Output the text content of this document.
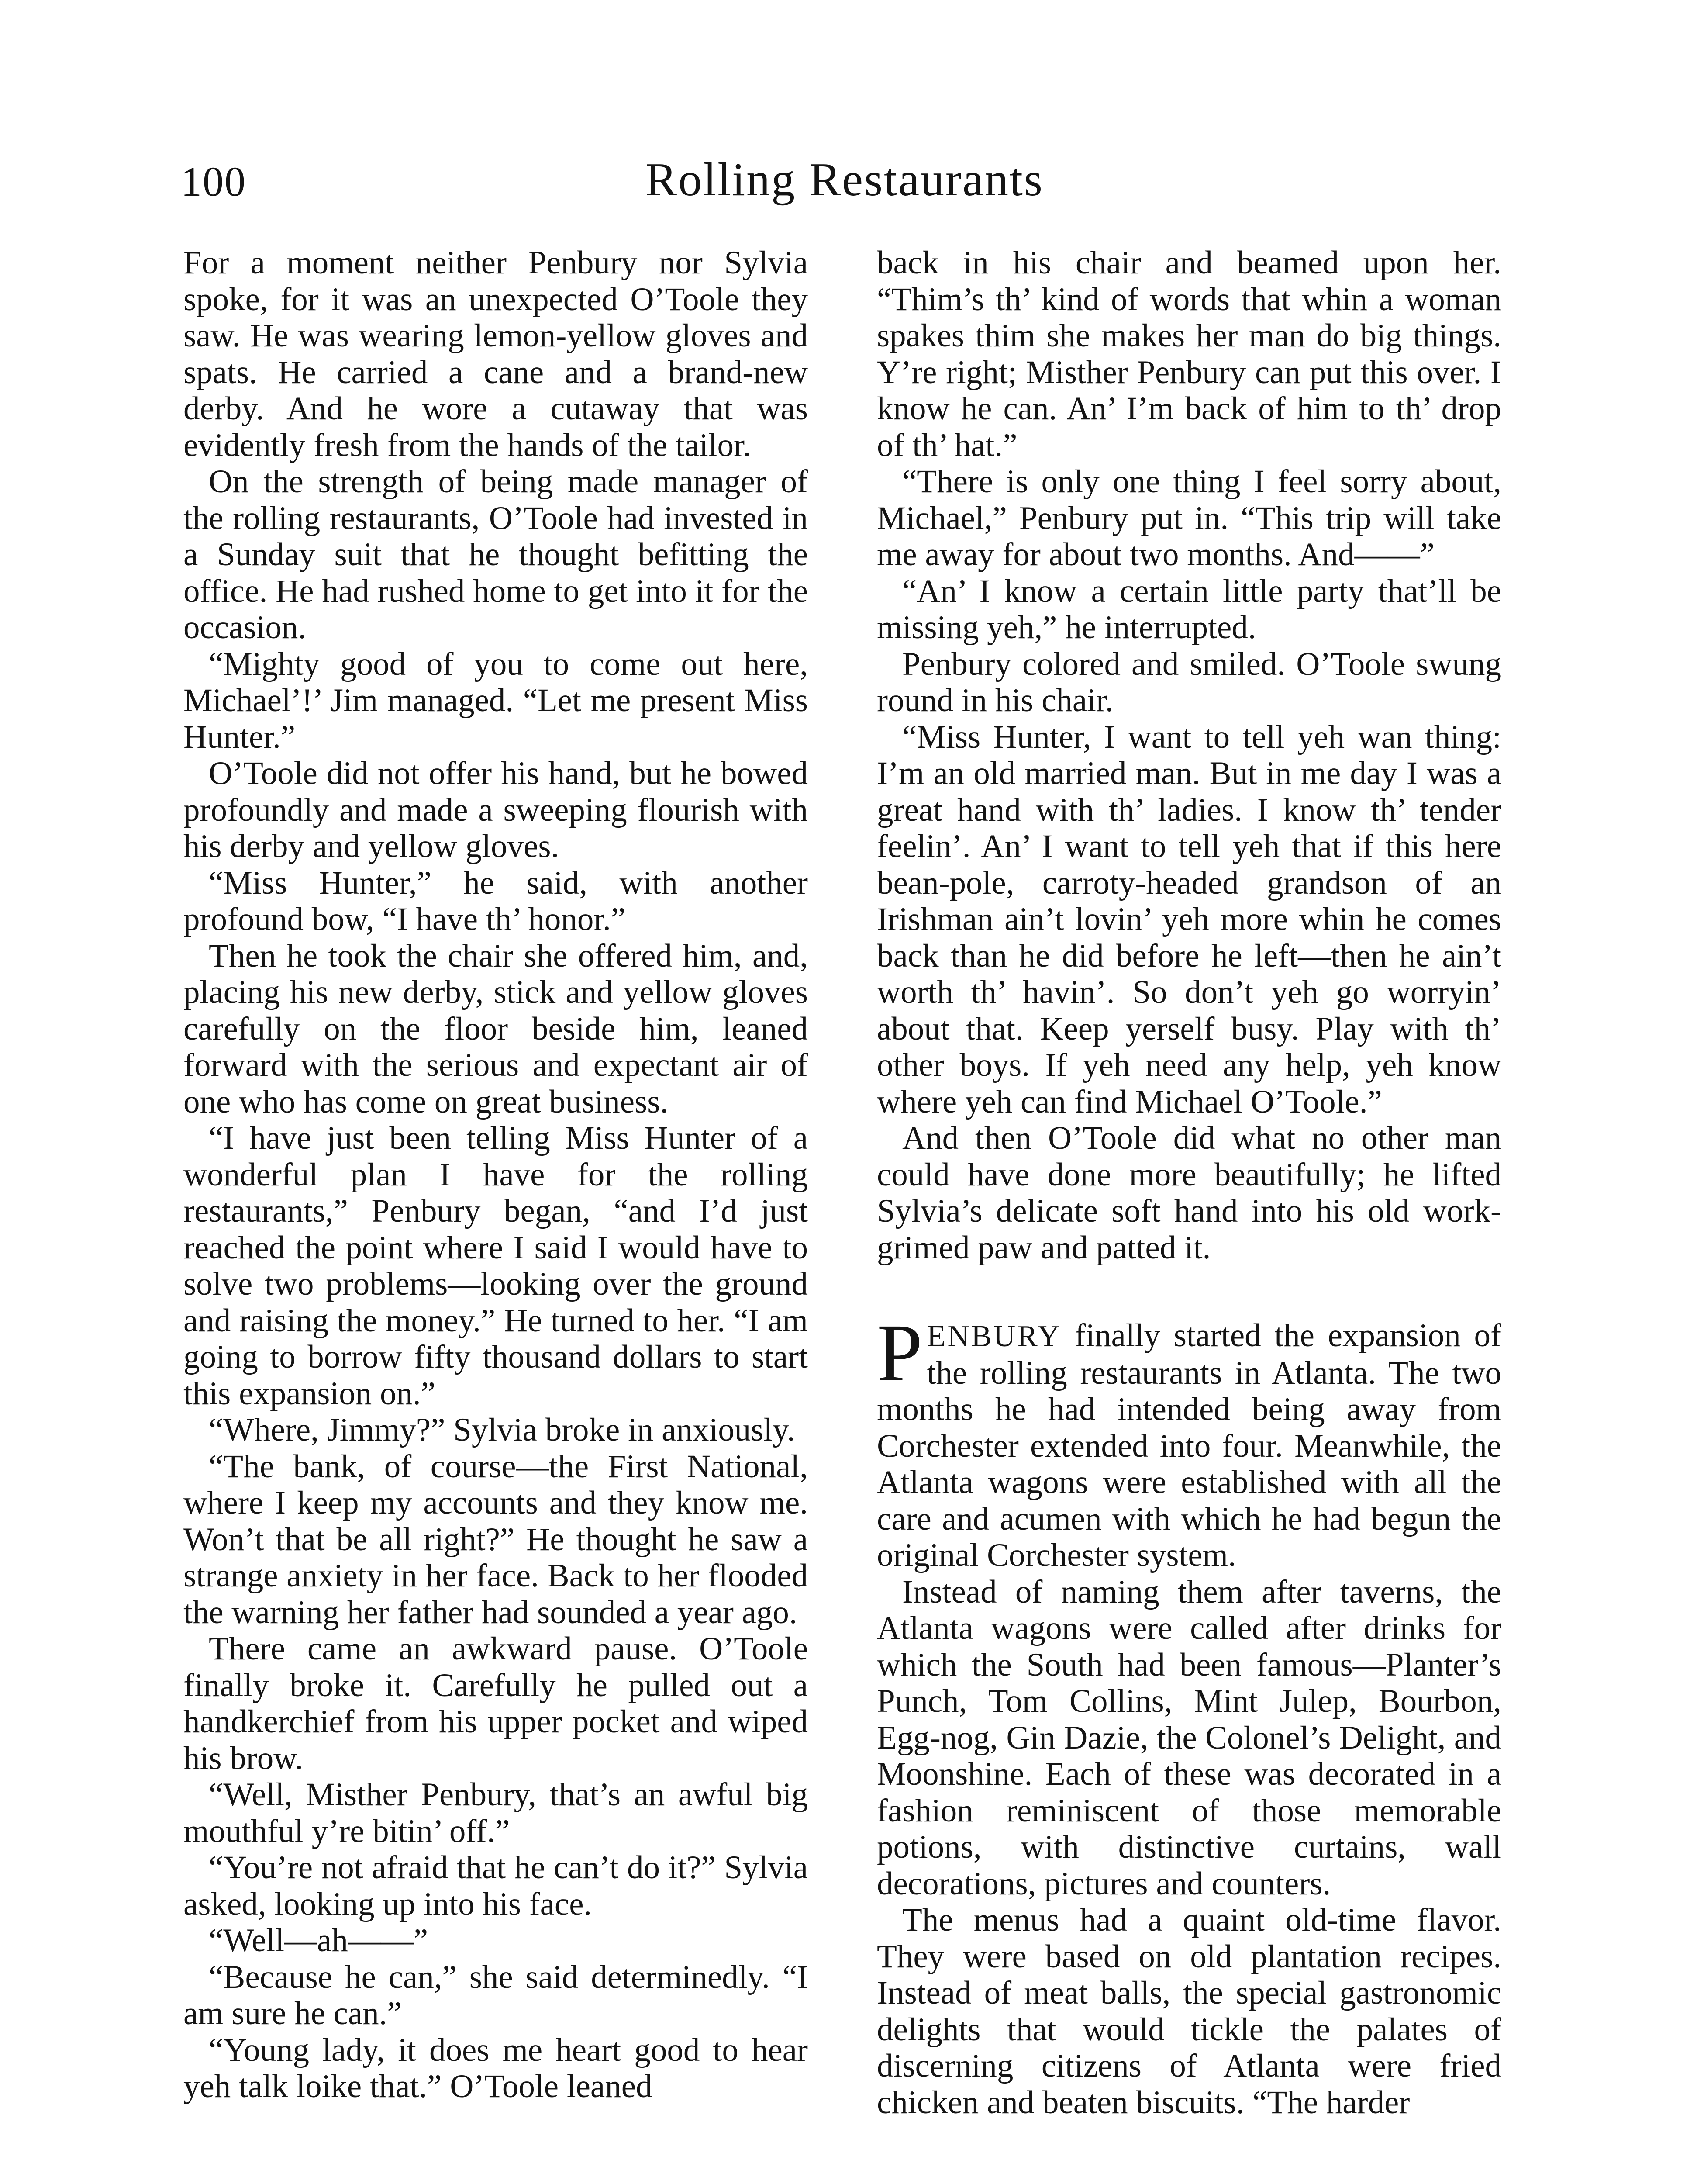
100	Rolling Restaurants

For a moment neither Penbury nor Sylvia spoke, for it was an unexpected O’Toole they saw. He was wearing lemon-yellow gloves and spats. He carried a cane and a brand-new derby. And he wore a cutaway that was evidently fresh from the hands of the tailor.

On the strength of being made manager of the rolling restaurants, O’Toole had invested in a Sunday suit that he thought befitting the office. He had rushed home to get into it for the occasion.

“Mighty good of you to come out here, Michael’!’ Jim managed. “Let me present Miss Hunter.”

O’Toole did not offer his hand, but he bowed profoundly and made a sweeping flourish with his derby and yellow gloves.

“Miss Hunter,” he said, with another profound bow, “I have th’ honor.”

Then he took the chair she offered him, and, placing his new derby, stick and yellow gloves carefully on the floor beside him, leaned forward with the serious and expectant air of one who has come on great business.

“I have just been telling Miss Hunter of a wonderful plan I have for the rolling restaurants,” Penbury began, “and I’d just reached the point where I said I would have to solve two problems—looking over the ground and raising the money.” He turned to her. “I am going to borrow fifty thousand dollars to start this expansion on.”

“Where, Jimmy?” Sylvia broke in anxiously.

“The bank, of course—the First National, where I keep my accounts and they know me. Won’t that be all right?” He thought he saw a strange anxiety in her face. Back to her flooded the warning her father had sounded a year ago.

There came an awkward pause. O’Toole finally broke it. Carefully he pulled out a handkerchief from his upper pocket and wiped his brow.

“Well, Misther Penbury, that’s an awful big mouthful y’re bitin’ off.”

“You’re not afraid that he can’t do it?” Sylvia asked, looking up into his face.

“Well—ah——”

“Because he can,” she said determinedly. “I am sure he can.”

“Young lady, it does me heart good to hear yeh talk loike that.” O’Toole leaned

back in his chair and beamed upon her. “Thim’s th’ kind of words that whin a woman spakes thim she makes her man do big things. Y’re right; Misther Penbury can put this over. I know he can. An’ I’m back of him to th’ drop of th’ hat.”

“There is only one thing I feel sorry about, Michael,” Penbury put in. “This trip will take me away for about two months. And——”

“An’ I know a certain little party that’ll be missing yeh,” he interrupted.

Penbury colored and smiled. O’Toole swung round in his chair.

“Miss Hunter, I want to tell yeh wan thing: I’m an old married man. But in me day I was a great hand with th’ ladies. I know th’ tender feelin’. An’ I want to tell yeh that if this here bean-pole, carroty-headed grandson of an Irishman ain’t lovin’ yeh more whin he comes back than he did before he left—then he ain’t worth th’ havin’. So don’t yeh go worryin’ about that. Keep yerself busy. Play with th’ other boys. If yeh need any help, yeh know where yeh can find Michael O’Toole.”

And then O’Toole did what no other man could have done more beautifully; he lifted Sylvia’s delicate soft hand into his old work-grimed paw and patted it.

PENBURY finally started the expansion of the rolling restaurants in Atlanta. The two months he had intended being away from Corchester extended into four. Meanwhile, the Atlanta wagons were established with all the care and acumen with which he had begun the original Corchester system.

Instead of naming them after taverns, the Atlanta wagons were called after drinks for which the South had been famous—Planter’s Punch, Tom Collins, Mint Julep, Bourbon, Egg-nog, Gin Dazie, the Colonel’s Delight, and Moonshine. Each of these was decorated in a fashion reminiscent of those memorable potions, with distinctive curtains, wall decorations, pictures and counters.

The menus had a quaint old-time flavor. They were based on old plantation recipes. Instead of meat balls, the special gastronomic delights that would tickle the palates of discerning citizens of Atlanta were fried chicken and beaten biscuits. “The harder
